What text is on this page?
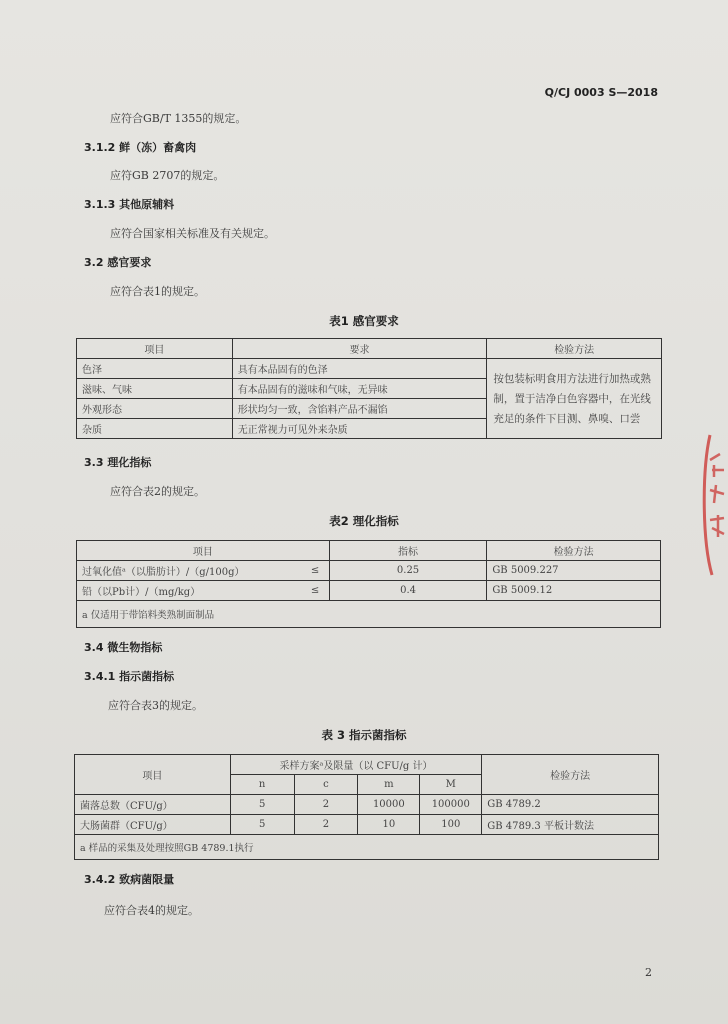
Q/CJ 0003 S—2018
应符合GB/T 1355的规定。
3.1.2 鲜（冻）畜禽肉
应符GB 2707的规定。
3.1.3 其他原辅料
应符合国家相关标准及有关规定。
3.2 感官要求
应符合表1的规定。
表1 感官要求
项目	要求	检验方法
色泽	具有本品固有的色泽	按包装标明食用方法进行加热或熟制，置于洁净白色容器中，在光线充足的条件下目测、鼻嗅、口尝
滋味、气味	有本品固有的滋味和气味，无异味	
外观形态	形状均匀一致，含馅料产品不漏馅	
杂质	无正常视力可见外来杂质	
3.3 理化指标
应符合表2的规定。
表2 理化指标
项目		指标	检验方法
过氧化值ᵃ（以脂肪计）/（g/100g）	≤	0.25	GB 5009.227
铅（以Pb计）/（mg/kg）	≤	0.4	GB 5009.12
a 仅适用于带馅料类熟制面制品			
3.4 微生物指标
3.4.1 指示菌指标
应符合表3的规定。
表 3 指示菌指标
项目	采样方案ᵃ及限量（以 CFU/g 计）				检验方法
	n	c	m	M	
菌落总数（CFU/g）	5	2	10000	100000	GB 4789.2
大肠菌群（CFU/g）	5	2	10	100	GB 4789.3 平板计数法
a 样品的采集及处理按照GB 4789.1执行					
3.4.2 致病菌限量
应符合表4的规定。
2
